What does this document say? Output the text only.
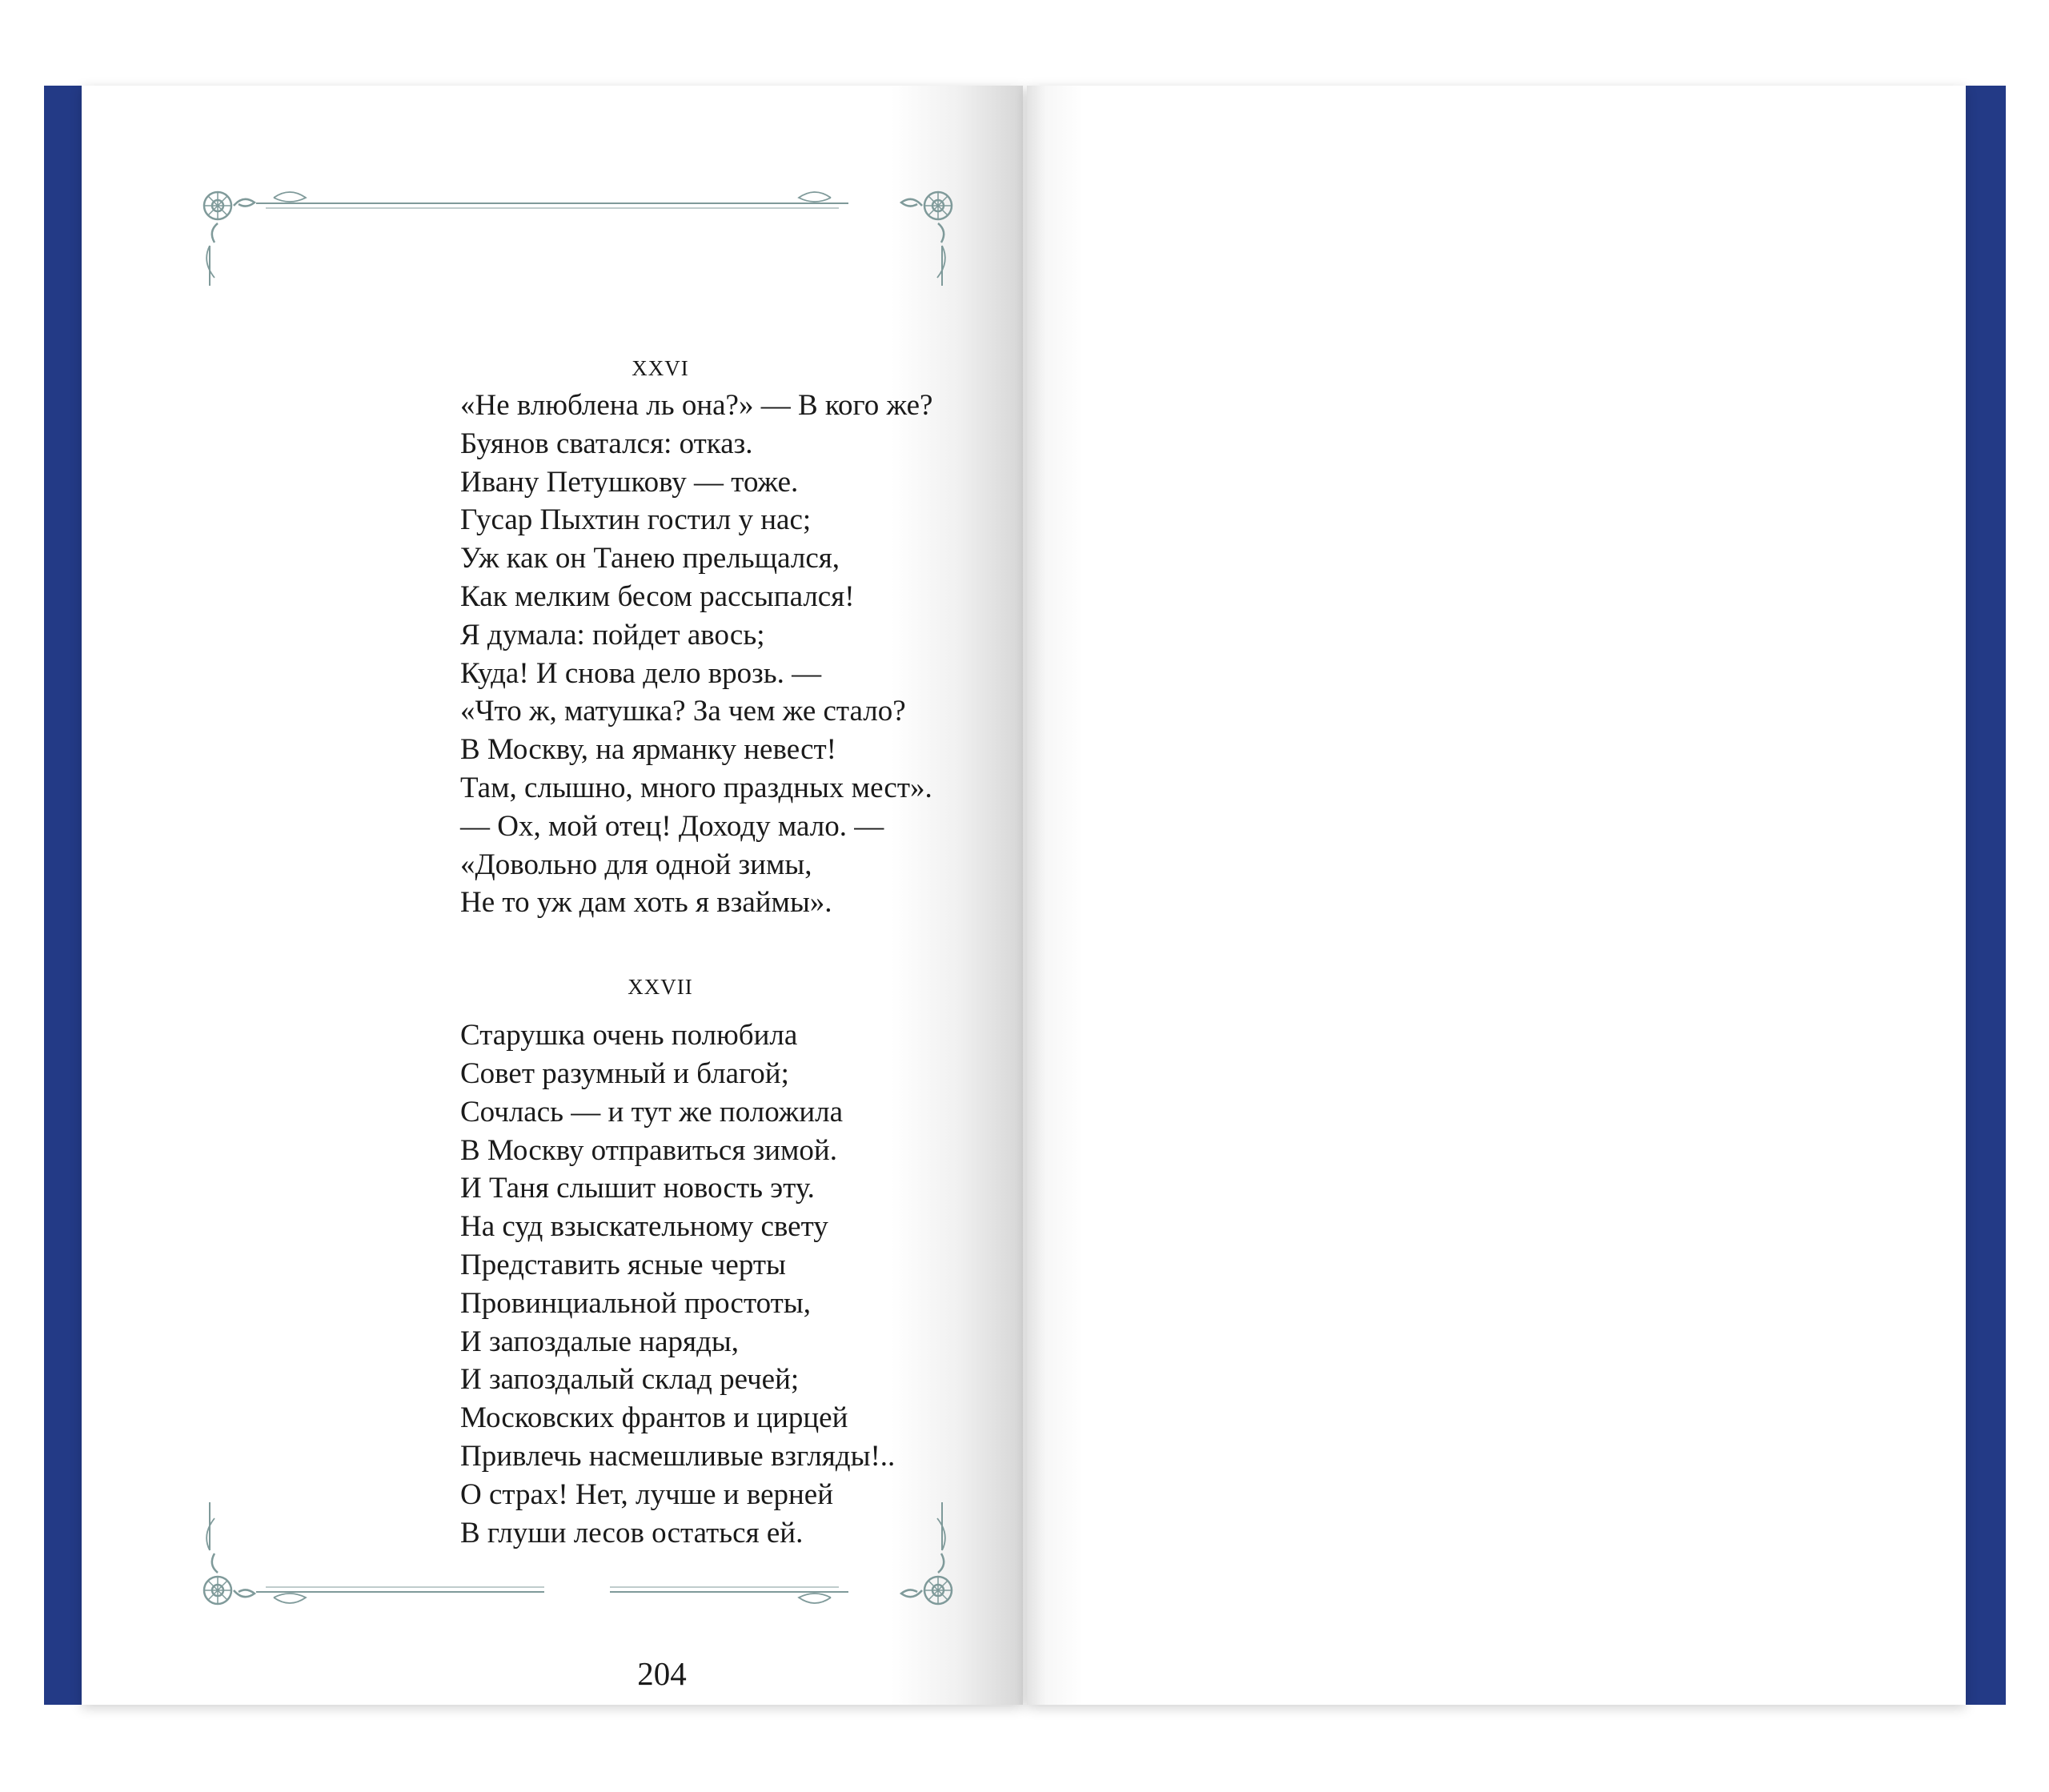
XXVI
«Не влюблена ль она?» — В кого же?
Буянов сватался: отказ.
Ивану Петушкову — тоже.
Гусар Пыхтин гостил у нас;
Уж как он Танею прельщался,
Как мелким бесом рассыпался!
Я думала: пойдет авось;
Куда! И снова дело врозь. —
«Что ж, матушка? За чем же стало?
В Москву, на ярманку невест!
Там, слышно, много праздных мест».
— Ох, мой отец! Доходу мало. —
«Довольно для одной зимы,
Не то уж дам хоть я взаймы».
XXVII
Старушка очень полюбила
Совет разумный и благой;
Сочлась — и тут же положила
В Москву отправиться зимой.
И Таня слышит новость эту.
На суд взыскательному свету
Представить ясные черты
Провинциальной простоты,
И запоздалые наряды,
И запоздалый склад речей;
Московских франтов и цирцей
Привлечь насмешливые взгляды!..
О страх! Нет, лучше и верней
В глуши лесов остаться ей.
204
